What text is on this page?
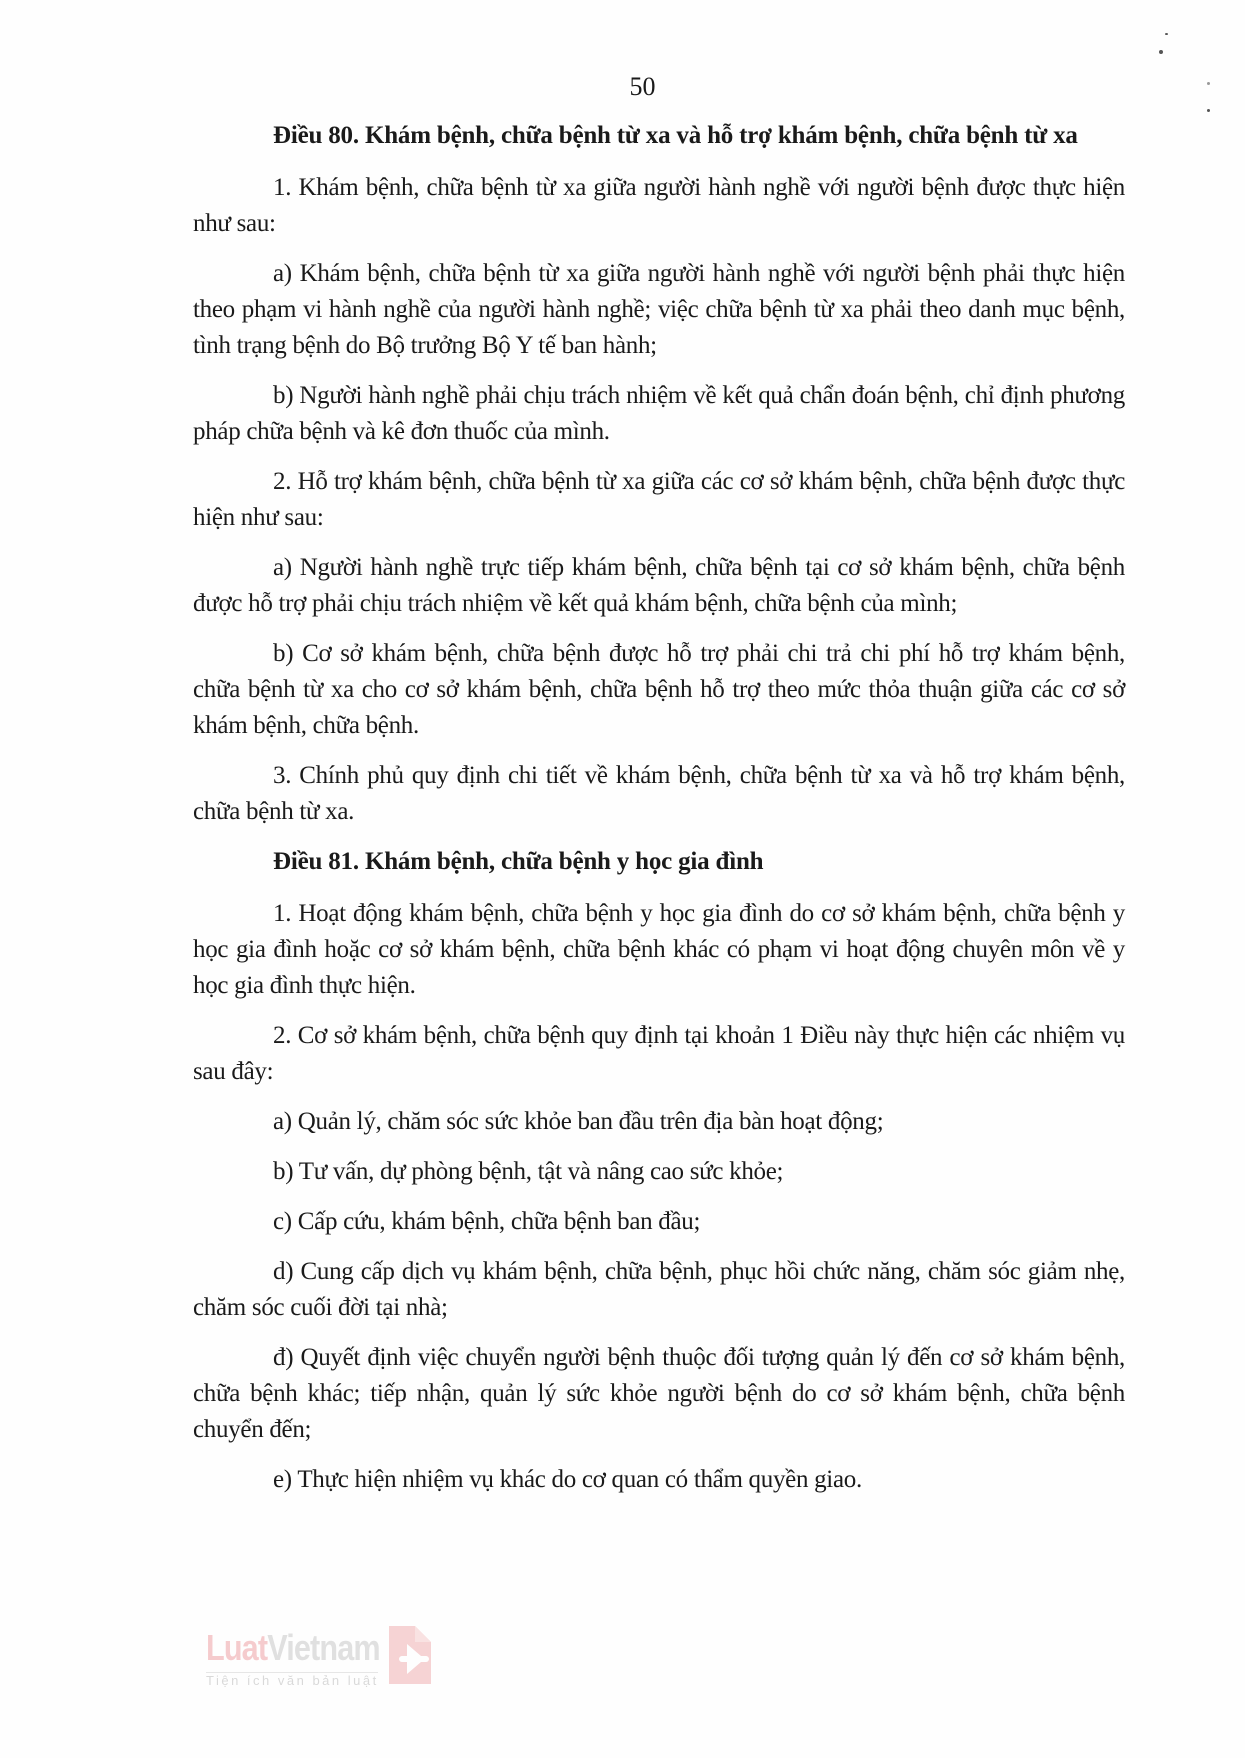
50

Điều 80. Khám bệnh, chữa bệnh từ xa và hỗ trợ khám bệnh, chữa bệnh từ xa

1. Khám bệnh, chữa bệnh từ xa giữa người hành nghề với người bệnh được thực hiện như sau:

a) Khám bệnh, chữa bệnh từ xa giữa người hành nghề với người bệnh phải thực hiện theo phạm vi hành nghề của người hành nghề; việc chữa bệnh từ xa phải theo danh mục bệnh, tình trạng bệnh do Bộ trưởng Bộ Y tế ban hành;

b) Người hành nghề phải chịu trách nhiệm về kết quả chẩn đoán bệnh, chỉ định phương pháp chữa bệnh và kê đơn thuốc của mình.

2. Hỗ trợ khám bệnh, chữa bệnh từ xa giữa các cơ sở khám bệnh, chữa bệnh được thực hiện như sau:

a) Người hành nghề trực tiếp khám bệnh, chữa bệnh tại cơ sở khám bệnh, chữa bệnh được hỗ trợ phải chịu trách nhiệm về kết quả khám bệnh, chữa bệnh của mình;

b) Cơ sở khám bệnh, chữa bệnh được hỗ trợ phải chi trả chi phí hỗ trợ khám bệnh, chữa bệnh từ xa cho cơ sở khám bệnh, chữa bệnh hỗ trợ theo mức thỏa thuận giữa các cơ sở khám bệnh, chữa bệnh.

3. Chính phủ quy định chi tiết về khám bệnh, chữa bệnh từ xa và hỗ trợ khám bệnh, chữa bệnh từ xa.

Điều 81. Khám bệnh, chữa bệnh y học gia đình

1. Hoạt động khám bệnh, chữa bệnh y học gia đình do cơ sở khám bệnh, chữa bệnh y học gia đình hoặc cơ sở khám bệnh, chữa bệnh khác có phạm vi hoạt động chuyên môn về y học gia đình thực hiện.

2. Cơ sở khám bệnh, chữa bệnh quy định tại khoản 1 Điều này thực hiện các nhiệm vụ sau đây:

a) Quản lý, chăm sóc sức khỏe ban đầu trên địa bàn hoạt động;

b) Tư vấn, dự phòng bệnh, tật và nâng cao sức khỏe;

c) Cấp cứu, khám bệnh, chữa bệnh ban đầu;

d) Cung cấp dịch vụ khám bệnh, chữa bệnh, phục hồi chức năng, chăm sóc giảm nhẹ, chăm sóc cuối đời tại nhà;

đ) Quyết định việc chuyển người bệnh thuộc đối tượng quản lý đến cơ sở khám bệnh, chữa bệnh khác; tiếp nhận, quản lý sức khỏe người bệnh do cơ sở khám bệnh, chữa bệnh chuyển đến;

e) Thực hiện nhiệm vụ khác do cơ quan có thẩm quyền giao.

LuatVietnam
Tiện ích văn bản luật
